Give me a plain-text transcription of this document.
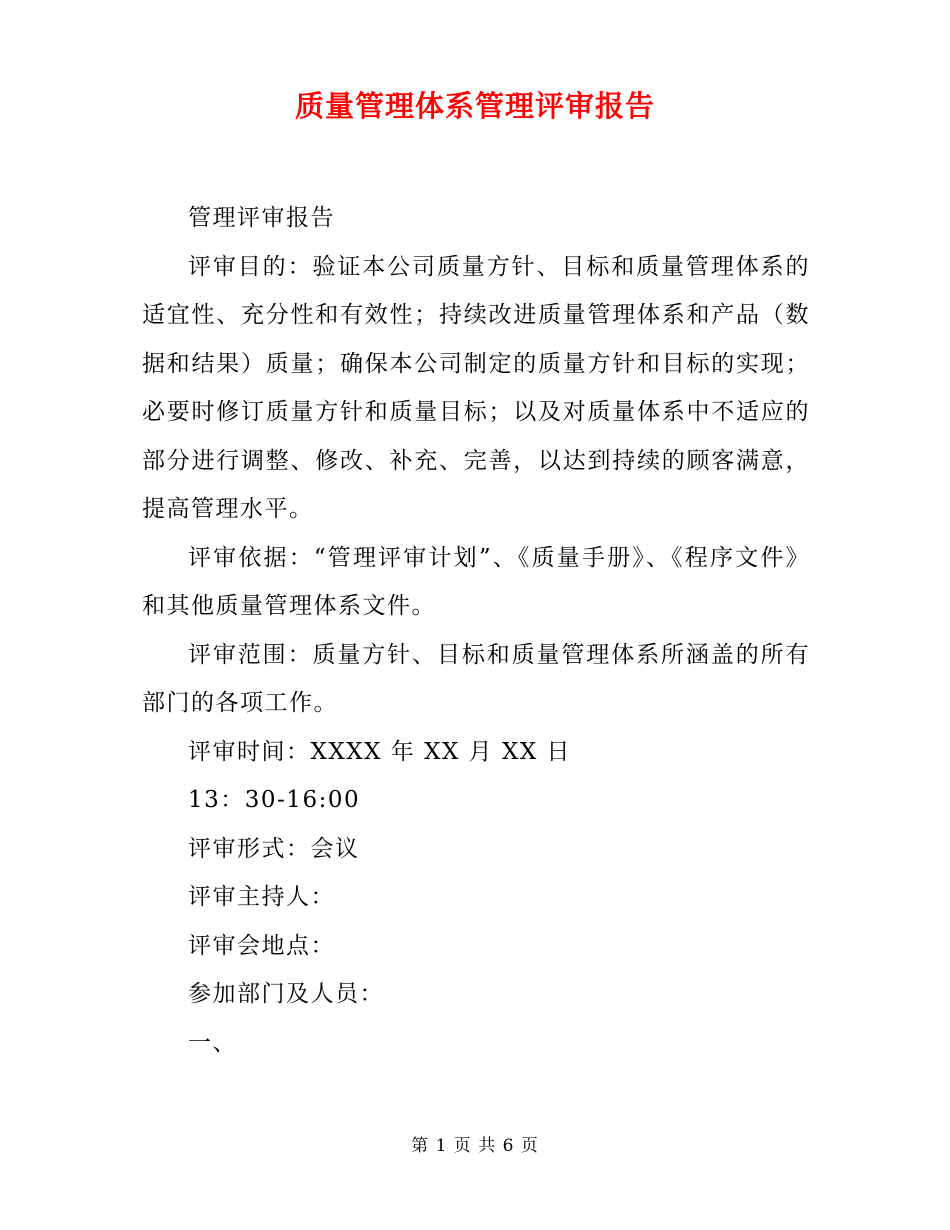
质量管理体系管理评审报告

管理评审报告

评审目的：验证本公司质量方针、目标和质量管理体系的适宜性、充分性和有效性；持续改进质量管理体系和产品（数据和结果）质量；确保本公司制定的质量方针和目标的实现；必要时修订质量方针和质量目标；以及对质量体系中不适应的部分进行调整、修改、补充、完善，以达到持续的顾客满意，提高管理水平。

评审依据：“管理评审计划”、《质量手册》、《程序文件》和其他质量管理体系文件。

评审范围：质量方针、目标和质量管理体系所涵盖的所有部门的各项工作。

评审时间：XXXX 年 XX 月 XX 日

13：30-16:00

评审形式：会议

评审主持人：

评审会地点：

参加部门及人员：

一、

第 1 页 共 6 页
